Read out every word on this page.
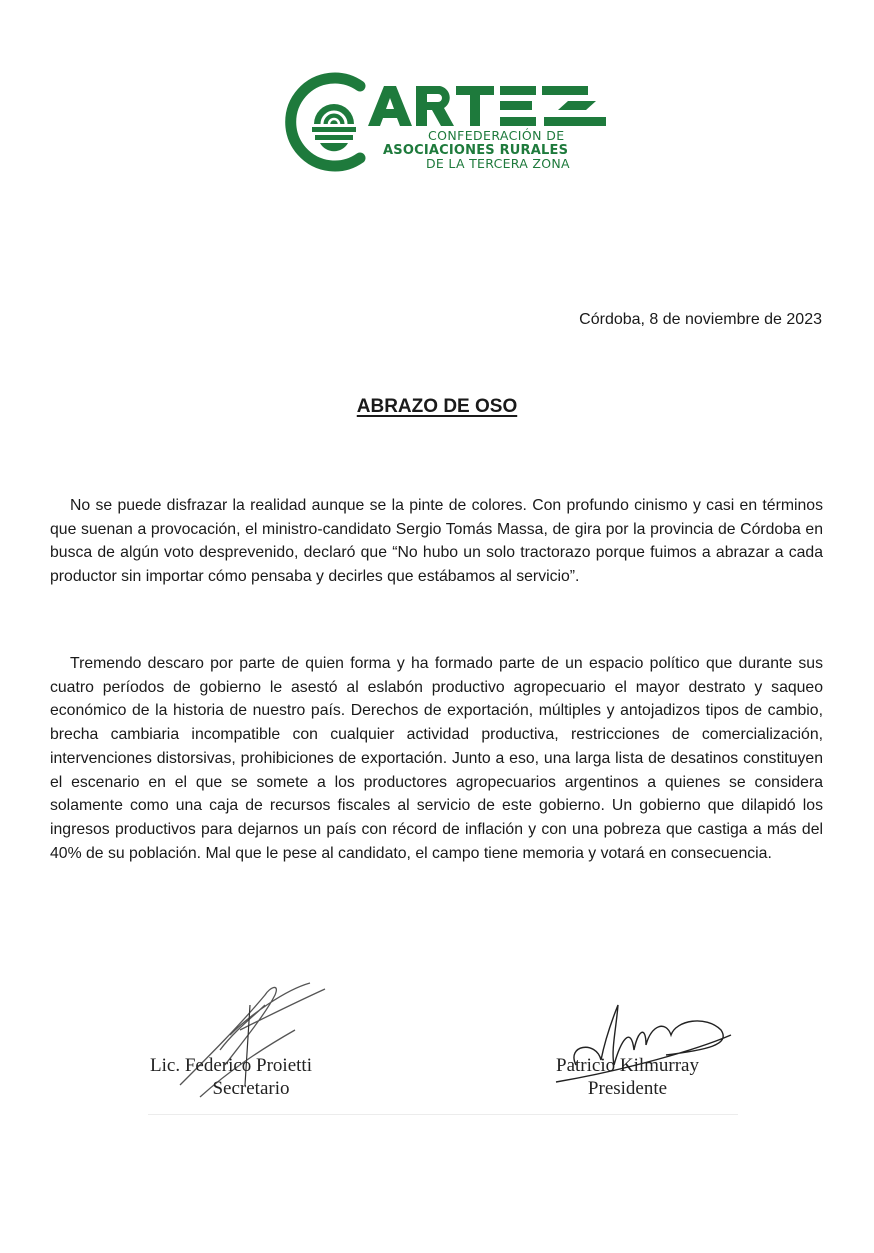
CONFEDERACIÓN DE
ASOCIACIONES RURALES
DE LA TERCERA ZONA
Córdoba, 8 de noviembre de 2023
ABRAZO DE OSO

No se puede disfrazar la realidad aunque se la pinte de colores. Con profundo cinismo y casi en términos que suenan a provocación, el ministro-candidato Sergio Tomás Massa, de gira por la provincia de Córdoba en busca de algún voto desprevenido, declaró que “No hubo un solo tractorazo porque fuimos a abrazar a cada productor sin importar cómo pensaba y decirles que estábamos al servicio”.

Tremendo descaro por parte de quien forma y ha formado parte de un espacio político que durante sus cuatro períodos de gobierno le asestó al eslabón productivo agropecuario el mayor destrato y saqueo económico de la historia de nuestro país. Derechos de exportación, múltiples y antojadizos tipos de cambio, brecha cambiaria incompatible con cualquier actividad productiva, restricciones de comercialización, intervenciones distorsivas, prohibiciones de exportación. Junto a eso, una larga lista de desatinos constituyen el escenario en el que se somete a los productores agropecuarios argentinos a quienes se considera solamente como una caja de recursos fiscales al servicio de este gobierno. Un gobierno que dilapidó los ingresos productivos para dejarnos un país con récord de inflación y con una pobreza que castiga a más del 40% de su población. Mal que le pese al candidato, el campo tiene memoria y votará en consecuencia.

Lic. Federico Proietti
Secretario
Patricio Kilmurray
Presidente
